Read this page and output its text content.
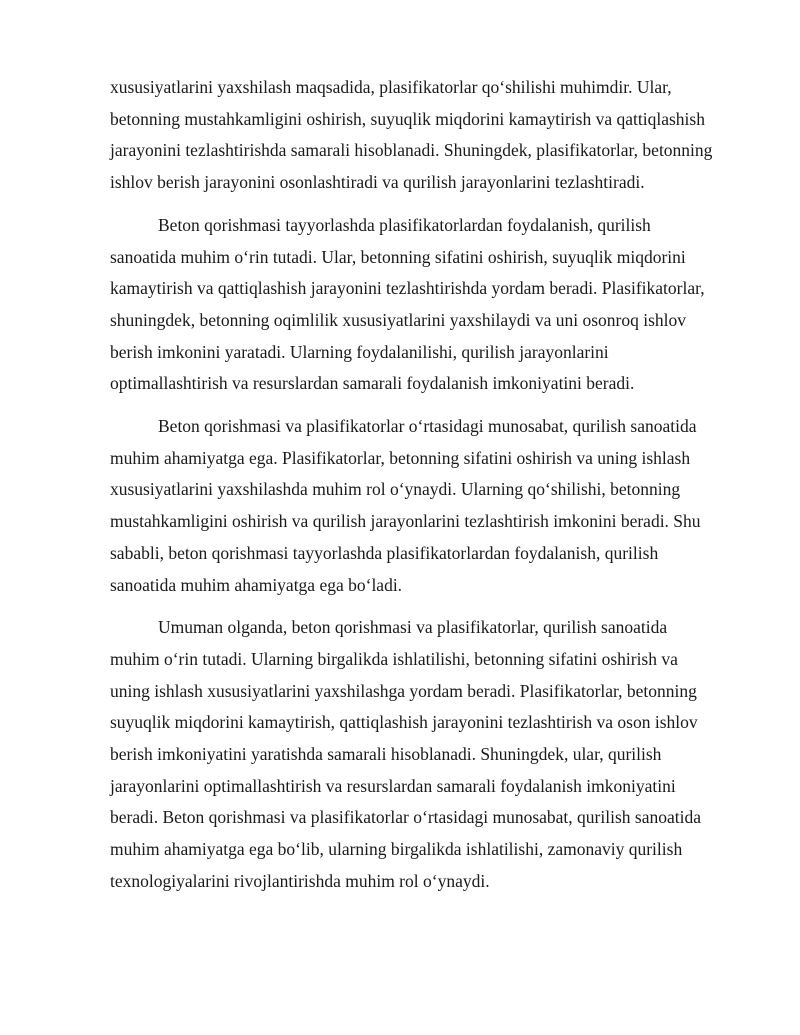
xususiyatlarini yaxshilash maqsadida, plasifikatorlar qo‘shilishi muhimdir. Ular,
betonning mustahkamligini oshirish, suyuqlik miqdorini kamaytirish va qattiqlashish
jarayonini tezlashtirishda samarali hisoblanadi. Shuningdek, plasifikatorlar, betonning
ishlov berish jarayonini osonlashtiradi va qurilish jarayonlarini tezlashtiradi.
Beton qorishmasi tayyorlashda plasifikatorlardan foydalanish, qurilish
sanoatida muhim o‘rin tutadi. Ular, betonning sifatini oshirish, suyuqlik miqdorini
kamaytirish va qattiqlashish jarayonini tezlashtirishda yordam beradi. Plasifikatorlar,
shuningdek, betonning oqimlilik xususiyatlarini yaxshilaydi va uni osonroq ishlov
berish imkonini yaratadi. Ularning foydalanilishi, qurilish jarayonlarini
optimallashtirish va resurslardan samarali foydalanish imkoniyatini beradi.
Beton qorishmasi va plasifikatorlar o‘rtasidagi munosabat, qurilish sanoatida
muhim ahamiyatga ega. Plasifikatorlar, betonning sifatini oshirish va uning ishlash
xususiyatlarini yaxshilashda muhim rol o‘ynaydi. Ularning qo‘shilishi, betonning
mustahkamligini oshirish va qurilish jarayonlarini tezlashtirish imkonini beradi. Shu
sababli, beton qorishmasi tayyorlashda plasifikatorlardan foydalanish, qurilish
sanoatida muhim ahamiyatga ega bo‘ladi.
Umuman olganda, beton qorishmasi va plasifikatorlar, qurilish sanoatida
muhim o‘rin tutadi. Ularning birgalikda ishlatilishi, betonning sifatini oshirish va
uning ishlash xususiyatlarini yaxshilashga yordam beradi. Plasifikatorlar, betonning
suyuqlik miqdorini kamaytirish, qattiqlashish jarayonini tezlashtirish va oson ishlov
berish imkoniyatini yaratishda samarali hisoblanadi. Shuningdek, ular, qurilish
jarayonlarini optimallashtirish va resurslardan samarali foydalanish imkoniyatini
beradi. Beton qorishmasi va plasifikatorlar o‘rtasidagi munosabat, qurilish sanoatida
muhim ahamiyatga ega bo‘lib, ularning birgalikda ishlatilishi, zamonaviy qurilish
texnologiyalarini rivojlantirishda muhim rol o‘ynaydi.
